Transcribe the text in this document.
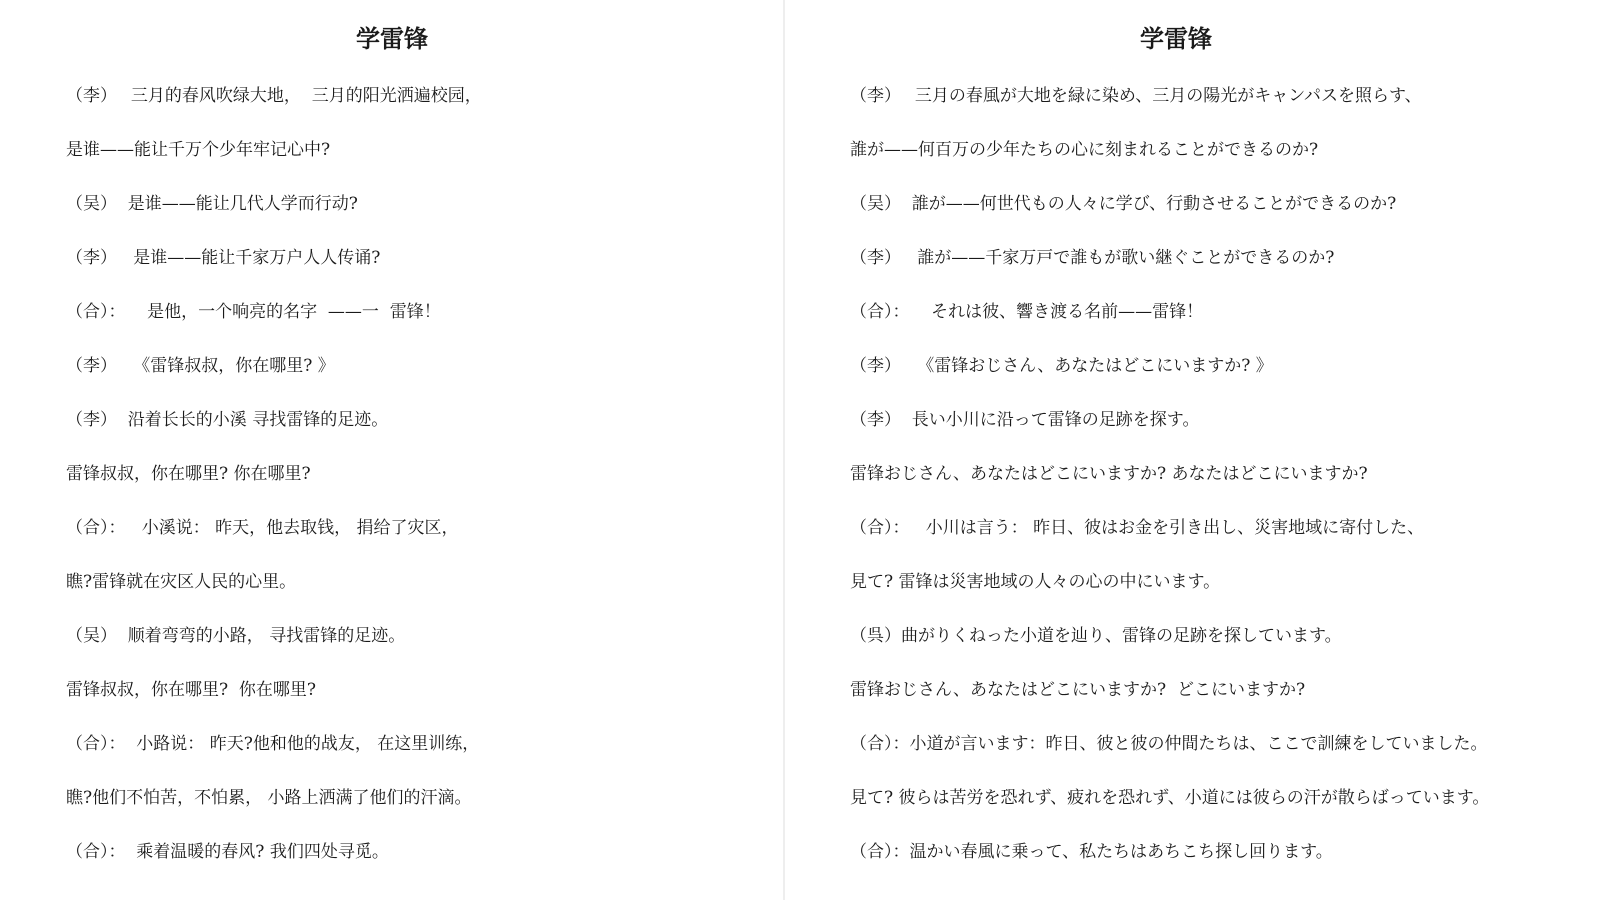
学雷锋
（李）　 三月的春风吹绿大地，  三月的阳光洒遍校园，
是谁——能让千万个少年牢记心中?
（吴）  是谁——能让几代人学而行动?
（李）   是谁——能让千家万户人人传诵?
（合）：    是他，一个响亮的名字  ——一  雷锋！
（李）   《雷锋叔叔，你在哪里? 》
（李）  沿着长长的小溪 寻找雷锋的足迹。
雷锋叔叔，你在哪里? 你在哪里?
（合）：   小溪说： 昨天，他去取钱， 捐给了灾区，
瞧?雷锋就在灾区人民的心里。
（吴）  顺着弯弯的小路， 寻找雷锋的足迹。
雷锋叔叔，你在哪里?  你在哪里?
（合）：  小路说： 昨天?他和他的战友， 在这里训练，
瞧?他们不怕苦，不怕累， 小路上洒满了他们的汗滴。
（合）：  乘着温暖的春风? 我们四处寻觅。
学雷锋
（李）　 三月の春風が大地を緑に染め、三月の陽光がキャンパスを照らす、
誰が——何百万の少年たちの心に刻まれることができるのか?
（吴）  誰が——何世代もの人々に学び、行動させることができるのか?
（李）   誰が——千家万戸で誰もが歌い継ぐことができるのか?
（合）：    それは彼、響き渡る名前——雷锋！
（李）   《雷锋おじさん、あなたはどこにいますか? 》
（李）  長い小川に沿って雷锋の足跡を探す。
雷锋おじさん、あなたはどこにいますか? あなたはどこにいますか?
（合）：   小川は言う： 昨日、彼はお金を引き出し、災害地域に寄付した、
見て? 雷锋は災害地域の人々の心の中にいます。
（呉）曲がりくねった小道を辿り、雷锋の足跡を探しています。
雷锋おじさん、あなたはどこにいますか?  どこにいますか?
（合）：小道が言います：昨日、彼と彼の仲間たちは、ここで訓練をしていました。
見て? 彼らは苦労を恐れず、疲れを恐れず、小道には彼らの汗が散らばっています。
（合）：温かい春風に乗って、私たちはあちこち探し回ります。
